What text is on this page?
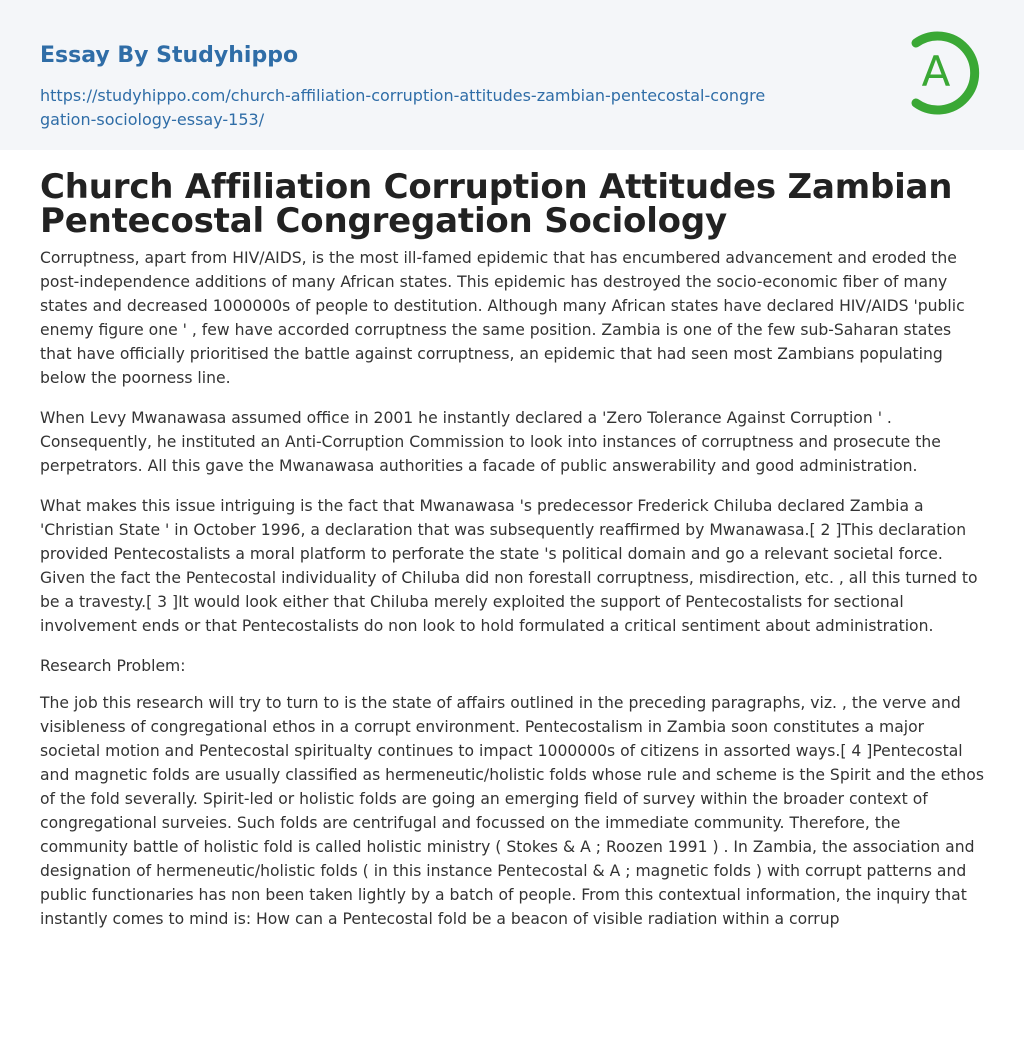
Essay By Studyhippo
https://studyhippo.com/church-affiliation-corruption-attitudes-zambian-pentecostal-congregation-sociology-essay-153/
A
Church Affiliation Corruption Attitudes Zambian Pentecostal Congregation Sociology

Corruptness, apart from HIV/AIDS, is the most ill-famed epidemic that has encumbered advancement and eroded the post-independence additions of many African states. This epidemic has destroyed the socio-economic fiber of many states and decreased 1000000s of people to destitution. Although many African states have declared HIV/AIDS 'public enemy figure one ' , few have accorded corruptness the same position. Zambia is one of the few sub-Saharan states that have officially prioritised the battle against corruptness, an epidemic that had seen most Zambians populating below the poorness line.

When Levy Mwanawasa assumed office in 2001 he instantly declared a 'Zero Tolerance Against Corruption ' . Consequently, he instituted an Anti-Corruption Commission to look into instances of corruptness and prosecute the perpetrators. All this gave the Mwanawasa authorities a facade of public answerability and good administration.

What makes this issue intriguing is the fact that Mwanawasa 's predecessor Frederick Chiluba declared Zambia a 'Christian State ' in October 1996, a declaration that was subsequently reaffirmed by Mwanawasa.[ 2 ]This declaration provided Pentecostalists a moral platform to perforate the state 's political domain and go a relevant societal force. Given the fact the Pentecostal individuality of Chiluba did non forestall corruptness, misdirection, etc. , all this turned to be a travesty.[ 3 ]It would look either that Chiluba merely exploited the support of Pentecostalists for sectional involvement ends or that Pentecostalists do non look to hold formulated a critical sentiment about administration.

Research Problem:

The job this research will try to turn to is the state of affairs outlined in the preceding paragraphs, viz. , the verve and visibleness of congregational ethos in a corrupt environment. Pentecostalism in Zambia soon constitutes a major societal motion and Pentecostal spiritualty continues to impact 1000000s of citizens in assorted ways.[ 4 ]Pentecostal and magnetic folds are usually classified as hermeneutic/holistic folds whose rule and scheme is the Spirit and the ethos of the fold severally. Spirit-led or holistic folds are going an emerging field of survey within the broader context of congregational surveies. Such folds are centrifugal and focussed on the immediate community. Therefore, the community battle of holistic fold is called holistic ministry ( Stokes & A ; Roozen 1991 ) . In Zambia, the association and designation of hermeneutic/holistic folds ( in this instance Pentecostal & A ; magnetic folds ) with corrupt patterns and public functionaries has non been taken lightly by a batch of people. From this contextual information, the inquiry that instantly comes to mind is: How can a Pentecostal fold be a beacon of visible radiation within a corrup
